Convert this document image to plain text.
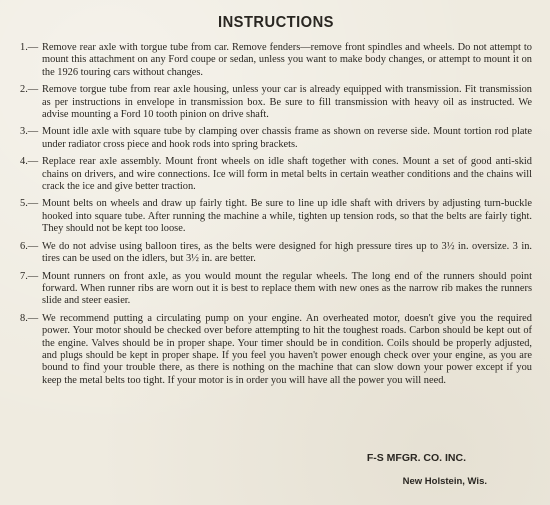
INSTRUCTIONS
1.— Remove rear axle with torgue tube from car. Remove fenders—remove front spindles and wheels. Do not attempt to mount this attachment on any Ford coupe or sedan, unless you want to make body changes, or attempt to mount it on the 1926 touring cars without changes.
2.— Remove torgue tube from rear axle housing, unless your car is already equipped with transmission. Fit transmission as per instructions in envelope in transmission box. Be sure to fill transmission with heavy oil as instructed. We advise mounting a Ford 10 tooth pinion on drive shaft.
3.— Mount idle axle with square tube by clamping over chassis frame as shown on reverse side. Mount tortion rod plate under radiator cross piece and hook rods into spring brackets.
4.— Replace rear axle assembly. Mount front wheels on idle shaft together with cones. Mount a set of good anti-skid chains on drivers, and wire connections. Ice will form in metal belts in certain weather conditions and the chains will crack the ice and give better traction.
5.— Mount belts on wheels and draw up fairly tight. Be sure to line up idle shaft with drivers by adjusting turn-buckle hooked into square tube. After running the machine a while, tighten up tension rods, so that the belts are fairly tight. They should not be kept too loose.
6.— We do not advise using balloon tires, as the belts were designed for high pressure tires up to 3½ in. oversize. 3 in. tires can be used on the idlers, but 3½ in. are better.
7.— Mount runners on front axle, as you would mount the regular wheels. The long end of the runners should point forward. When runner ribs are worn out it is best to replace them with new ones as the narrow rib makes the runners slide and steer easier.
8.— We recommend putting a circulating pump on your engine. An overheated motor, doesn't give you the required power. Your motor should be checked over before attempting to hit the toughest roads. Carbon should be kept out of the engine. Valves should be in proper shape. Your timer should be in condition. Coils should be properly adjusted, and plugs should be kept in proper shape. If you feel you haven't power enough check over your engine, as you are bound to find your trouble there, as there is nothing on the machine that can slow down your power except if you keep the metal belts too tight. If your motor is in order you will have all the power you will need.
F-S MFGR. CO. INC.
New Holstein, Wis.
